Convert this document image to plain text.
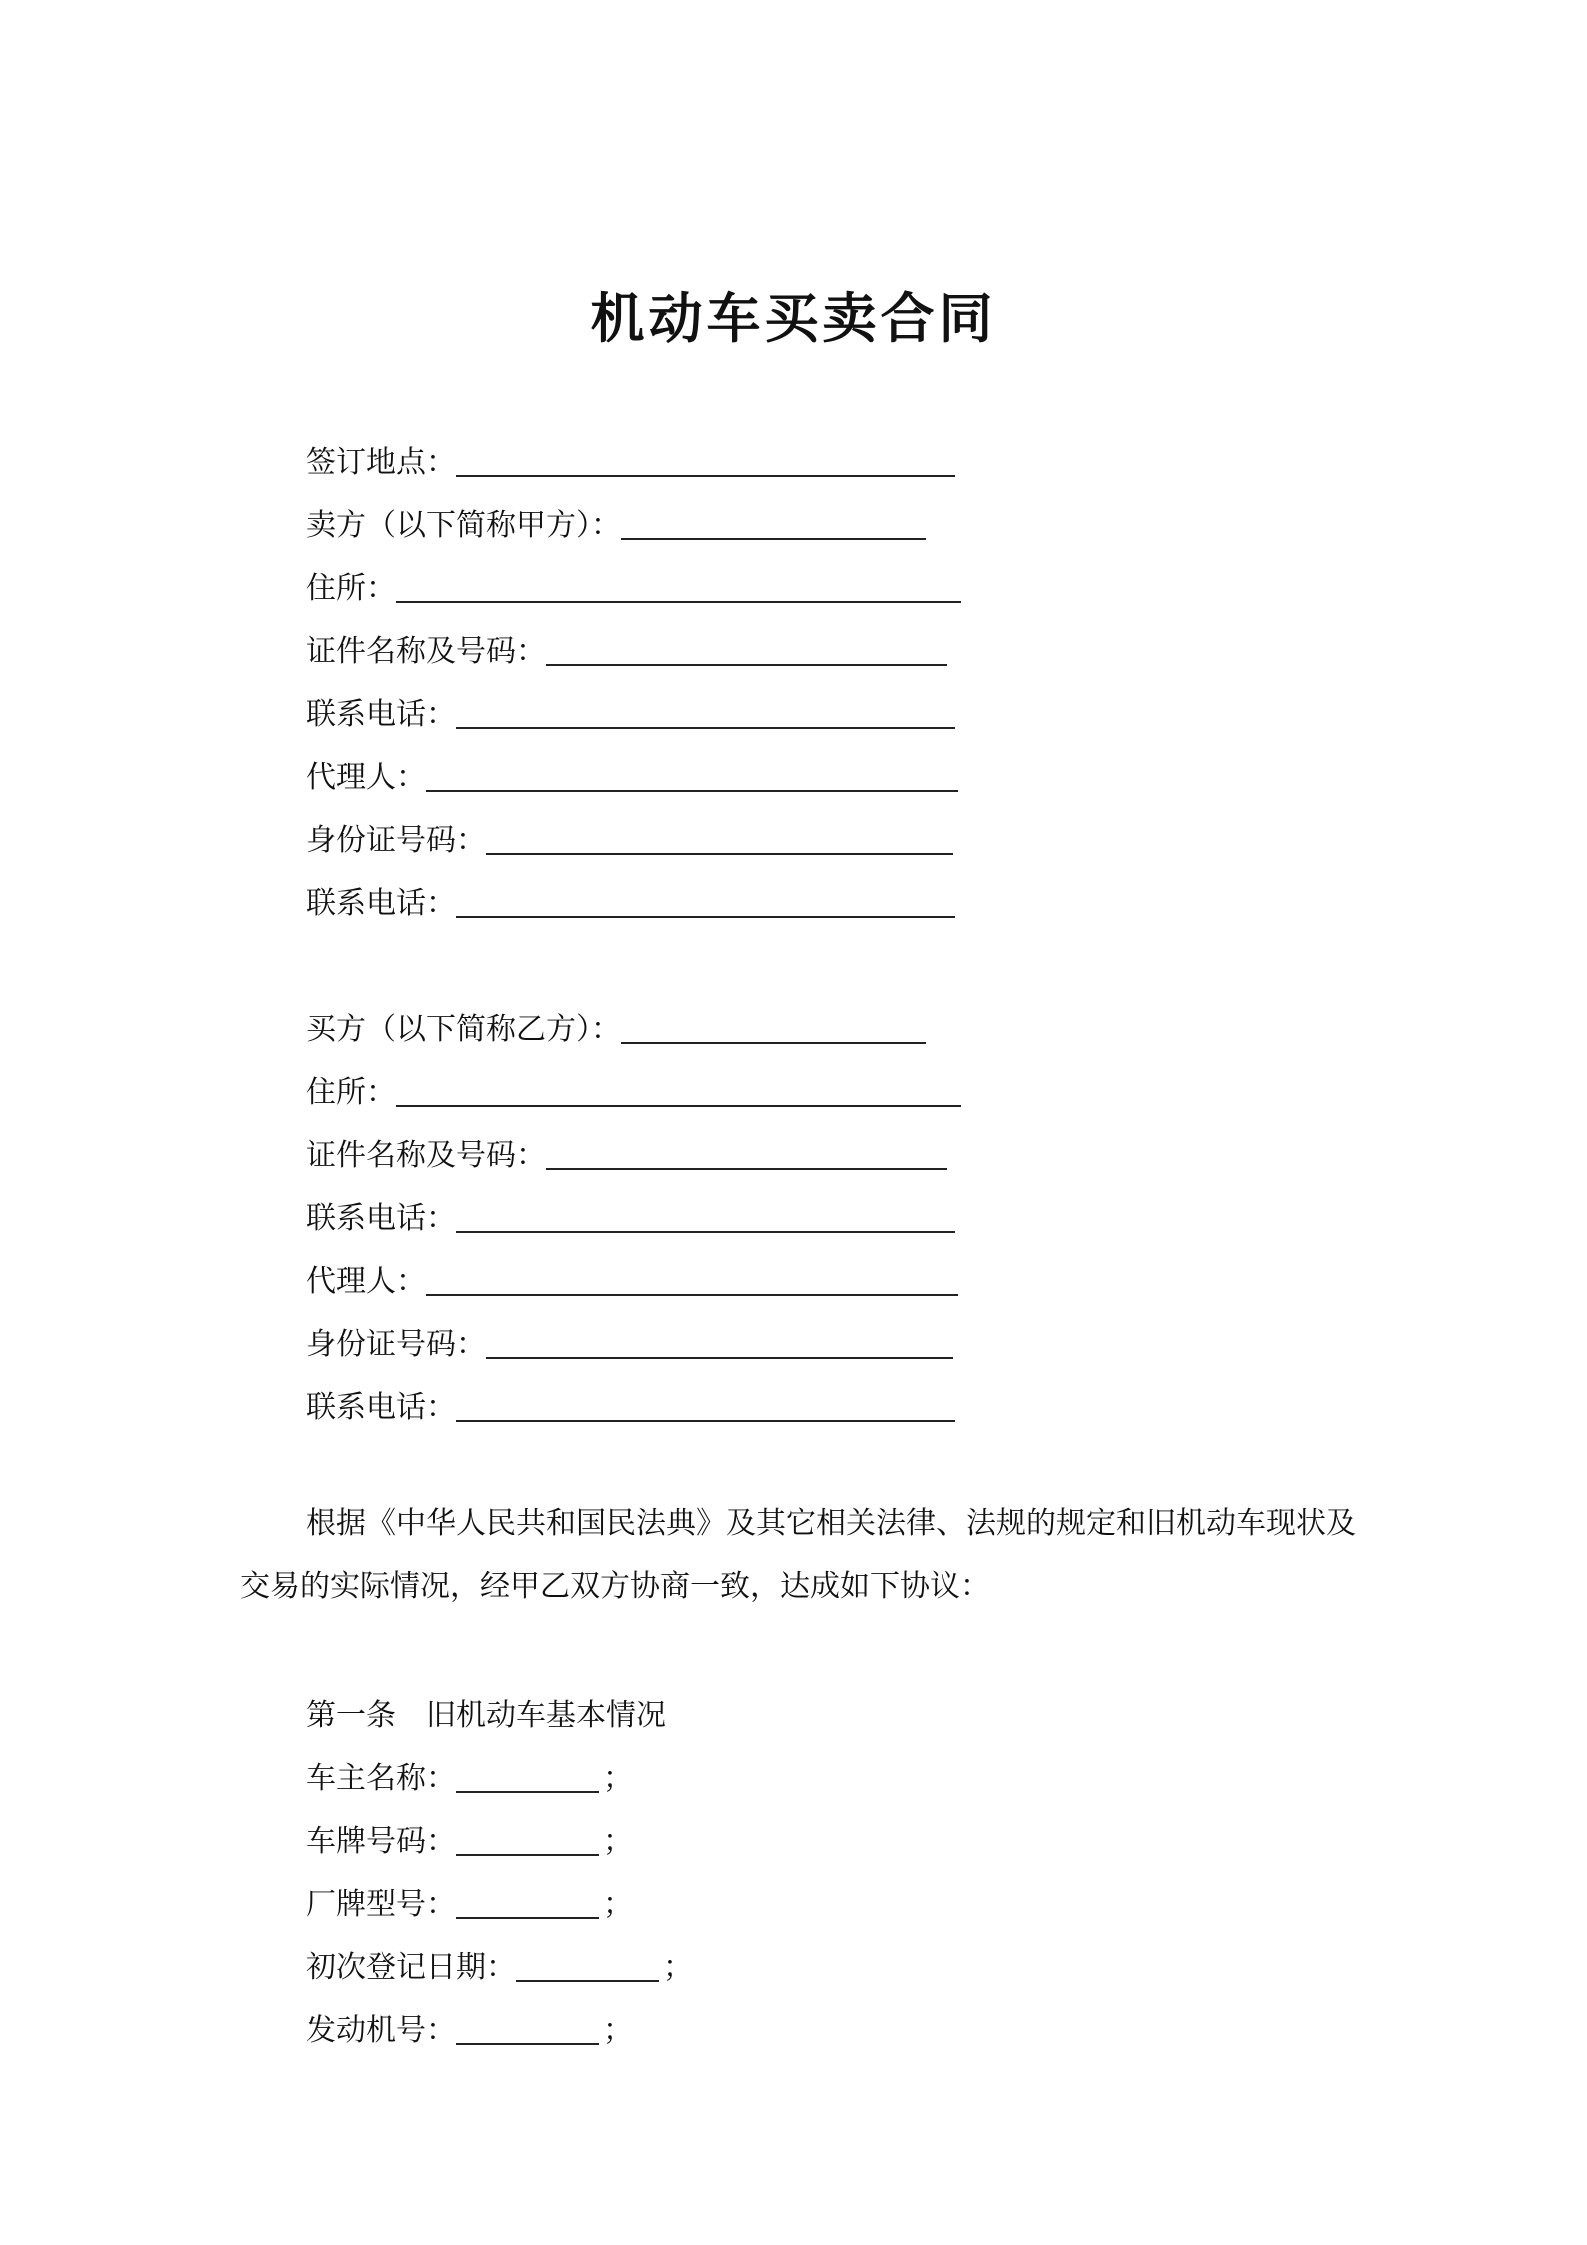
机动车买卖合同
签订地点：
卖方（以下简称甲方）：
住所：
证件名称及号码：
联系电话：
代理人：
身份证号码：
联系电话：
买方（以下简称乙方）：
住所：
证件名称及号码：
联系电话：
代理人：
身份证号码：
联系电话：
根据《中华人民共和国民法典》及其它相关法律、法规的规定和旧机动车现状及交易的实际情况，经甲乙双方协商一致，达成如下协议：
第一条　旧机动车基本情况
车主名称：	；
车牌号码：	；
厂牌型号：	；
初次登记日期：	；
发动机号：	；
